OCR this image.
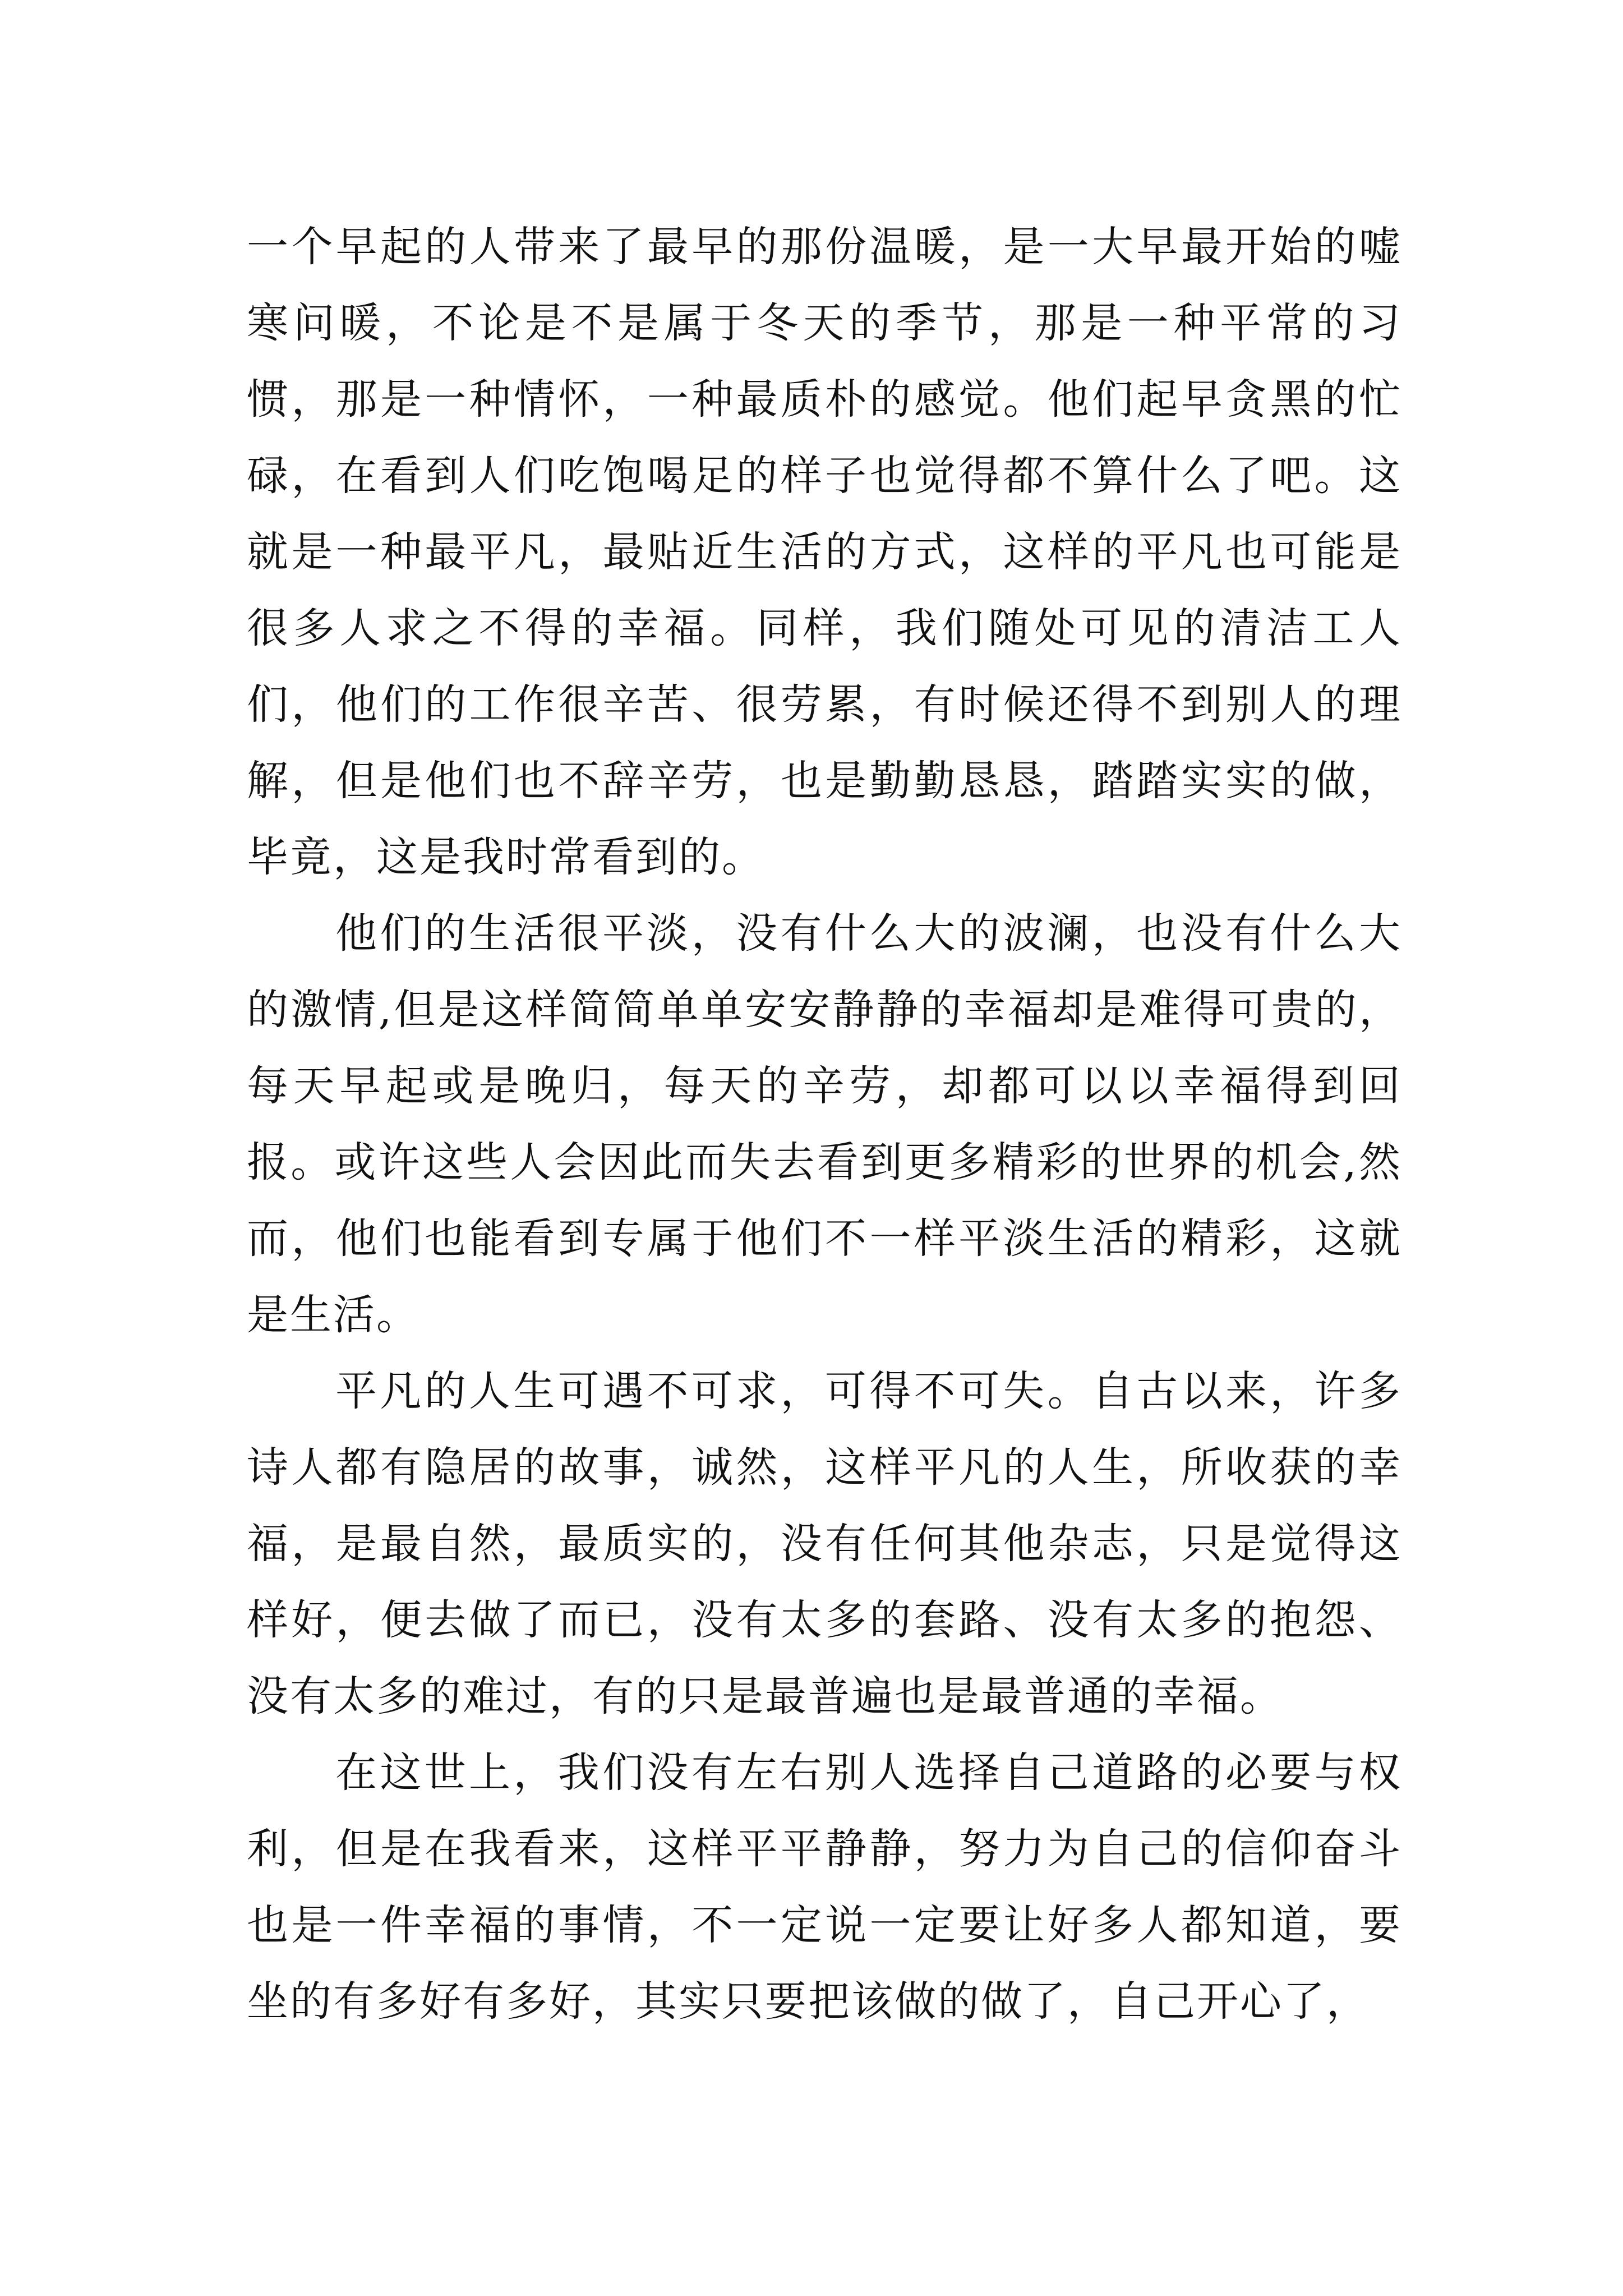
一个早起的人带来了最早的那份温暖，是一大早最开始的嘘寒问暖，不论是不是属于冬天的季节，那是一种平常的习惯，那是一种情怀，一种最质朴的感觉。他们起早贪黑的忙碌，在看到人们吃饱喝足的样子也觉得都不算什么了吧。这就是一种最平凡，最贴近生活的方式，这样的平凡也可能是很多人求之不得的幸福。同样，我们随处可见的清洁工人们，他们的工作很辛苦、很劳累，有时候还得不到别人的理解，但是他们也不辞辛劳，也是勤勤恳恳，踏踏实实的做，毕竟，这是我时常看到的。

他们的生活很平淡，没有什么大的波澜，也没有什么大的激情,但是这样简简单单安安静静的幸福却是难得可贵的，每天早起或是晚归，每天的辛劳，却都可以以幸福得到回报。或许这些人会因此而失去看到更多精彩的世界的机会,然而，他们也能看到专属于他们不一样平淡生活的精彩，这就是生活。

平凡的人生可遇不可求，可得不可失。自古以来，许多诗人都有隐居的故事，诚然，这样平凡的人生，所收获的幸福，是最自然，最质实的，没有任何其他杂志，只是觉得这样好，便去做了而已，没有太多的套路、没有太多的抱怨、没有太多的难过，有的只是最普遍也是最普通的幸福。

在这世上，我们没有左右别人选择自己道路的必要与权利，但是在我看来，这样平平静静，努力为自己的信仰奋斗也是一件幸福的事情，不一定说一定要让好多人都知道，要坐的有多好有多好，其实只要把该做的做了，自己开心了，
